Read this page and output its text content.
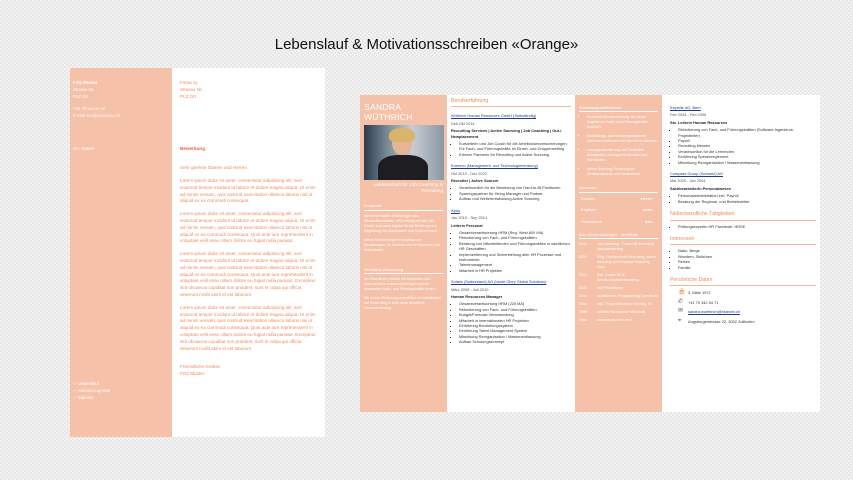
Lebenslauf & Motivationsschreiben «Orange»
Fritz Muster
Strasse Nr.
PLZ Ort
+41 79 xxx xx xx
E-Mail xxx@xxxxxxxx.ch
Ort, Datum
✓ Lebenslauf
✓ Arbeitszeugnisse
✓ Diplome
Firma xy
Strasse Nr.
PLZ Ort
Bewerbung

Sehr geehrte Damen und Herren

Lorem ipsum dolor sit amet, consectetur adipisicing elit, sed eiusmod tempor incidunt ut labore et dolore magna aliqua. Ut enim ad minim veniam, quis nostrud exercitation ullamco laboris nisi ut aliquid ex ea commodi consequat.

Lorem ipsum dolor sit amet, consectetur adipisicing elit, sed eiusmod tempor incidunt ut labore et dolore magna aliqua. Ut enim ad minim veniam, quis nostrud exercitation ullamco laboris nisi ut aliquid ex ea commodi consequat. Quis aute iure reprehenderit in voluptate velit esse cillum dolore eu fugiat nulla pariatur.

Lorem ipsum dolor sit amet, consectetur adipisicing elit, sed eiusmod tempor incidunt ut labore et dolore magna aliqua. Ut enim ad minim veniam, quis nostrud exercitation ullamco laboris nisi ut aliquid ex ea commodi consequat. Quis aute iure reprehenderit in voluptate velit esse cillum dolore eu fugiat nulla pariatur. Excepteur sint obcaecat cupiditat non proident, sunt in culpa qui officia deserunt mollit anim id est laborum.

Lorem ipsum dolor sit amet, consectetur adipisicing elit, sed eiusmod tempor incidunt ut labore et dolore magna aliqua. Ut enim ad minim veniam, quis nostrud exercitation ullamco laboris nisi ut aliquid ex ea commodi consequat. Quis aute iure reprehenderit in voluptate velit esse cillum dolore eu fugiat nulla pariatur. Excepteur sint obcaecat cupiditat non proident, sunt in culpa qui officia deserunt mollit anim id est laborum.

Freundliche Grüsse
Fritz Muster
SANDRA WÜTHRICH
Leidenschaft für Job Coaching & Recruiting
Kurzprofil
Meine wertvollen Erfahrungen aus Personalbereichen, HR-Leitung und als Job Coach sind mein Kapital für die Beratung und Begleitung von Kandidaten und Unternehmen.
Meine Stärken liegen im Aufbau von Beziehungen, im Zuhören und im Erkennen von Potenzialen.
Berufliche Zielsetzung
Als Recruiterin möchte ich Menschen und Unternehmen zusammenbringen und die passenden Fach- und Führungskräfte finden.
Mit meiner Erfahrung unterstütze ich Kandidaten auf ihrem Weg in eine neue berufliche Herausforderung.
Berufserfahrung
Wüthrich Human Resources GmbH (Selbständig)
Seit Okt 2014
Recruiting Services | Active Sourcing | Job Coaching | Out-/ Newplacement
▪ Kursleiterin und Job Coach für die Arbeitslosenversicherungen: Für Fach- und Führungskräfte im Einzel- und Gruppensetting
▪ Externe Partnerin für Recruiting und Active Sourcing
Enerevo (Management- und Technologieberatung)
Okt 2019 - Dez 2022
Recruiter | Active Sourcer
▪ Verantwortlich für die Besetzung von Hard-to-fill Positionen
▪ Sparringspartner für Hiring Manager und Partner
▪ Aufbau und Weiterentwicklung Active Sourcing
Alpiq
Jan 2010 - Sep 2014
Leiterin Personal
▪ Gesamtverantwortung HRM (Reg. West 800 MA)
▪ Rekrutierung von Fach- und Führungskräften
▪ Beratung von Mitarbeitenden und Führungskräften in sämtlichen HR Geschäften
▪ Implementierung und Sicherstellung aller HR Prozesse und Instrumente
▪ Talentmanagement
▪ Mitarbeit in HR Projekten
Solaris (Switzerland) AG (heute Glory Global Solutions)
März 2008 - Juli 2010
Human Resources Manager
▪ Gesamtverantwortung HRM (220 MA)
▪ Rekrutierung von Fach- und Führungskräften
▪ Budget/Forecast Verantwortung
▪ Mitarbeit in internationalen HR Projekten
▪ Einführung Beurteilungssystem
▪ Einführung Talent Management System
▪ Mitwirkung Reorganisation / Massenentlassung
▪ Aufbau Schulungskonzept
Schlüsselqualifikationen
▪ Fundierte Berufserfahrung: Bis heute begleite ich Fach- und Führungskräfte beruflich.
▪ Einfühlungs- und Überzeugungskraft: Vertrauen aufbauen und Menschen abholen.
▪ Lösungsorientierung und Flexibilität: Individuelle Lösungen für Kunden und Kandidaten.
▪ Active Sourcing: Erfahrung im Direktansprache und Netzwerken.
Sprachen
Deutsch	●●●●●
Englisch	●●●●
Französisch	●●●
Aus-/Weiterbildungen - Zertifikate
2021	Job Coaching - Coach für berufliche Neuorientierung
2019	Eidg. Fachausweis Recruiting; Active Sourcing und Employer Branding Kurs
2013	Dipl. Coach SCA; Berufs-/Laufbahnberatung
2011	NLP Practitioner
2010	Arbeitsrecht; Projektleitung Grundkurs
2005	Dipl. Personalfachfrau mit eidg. FA
1998	Höhere Fachschule Wirtschaft
1992	Kaufmännische Lehre
Keymile AG, Bern
Feb 2004 - Feb 2008
Stv. Leiterin Human Resources
▪ Rekrutierung von Fach- und Führungskräften (Software-Ingenieure, Projektleiter)
▪ Payroll
▪ Recruiting Messen
▪ Verantwortlich für die Lernenden
▪ Einführung Spesenreglement
▪ Mitwirkung Reorganisation / Massenentlassung
Compass Group (Schweiz) AG
Mai 2000 - Jan 2004
Sachbearbeiterin Personalwesen
▪ Personaladministration inkl. Payroll
▪ Beratung der Regional- und Betriebsleiter
Nebenberufliche Tätigkeiten
▪ Prüfungsexpertin HR Fachleute, HRSE
Interessen
▪ Natur, Berge
▪ Wandern, Skifahren
▪ Reisen
▪ Familie
Persönliche Daten
🎂 3. März 1972
✆	+41 79 342 54 71
✉	sandra.wuethrich@bluewin.ch
⌖	Augsburgerstrasse 22, 3052 Zollikofen
